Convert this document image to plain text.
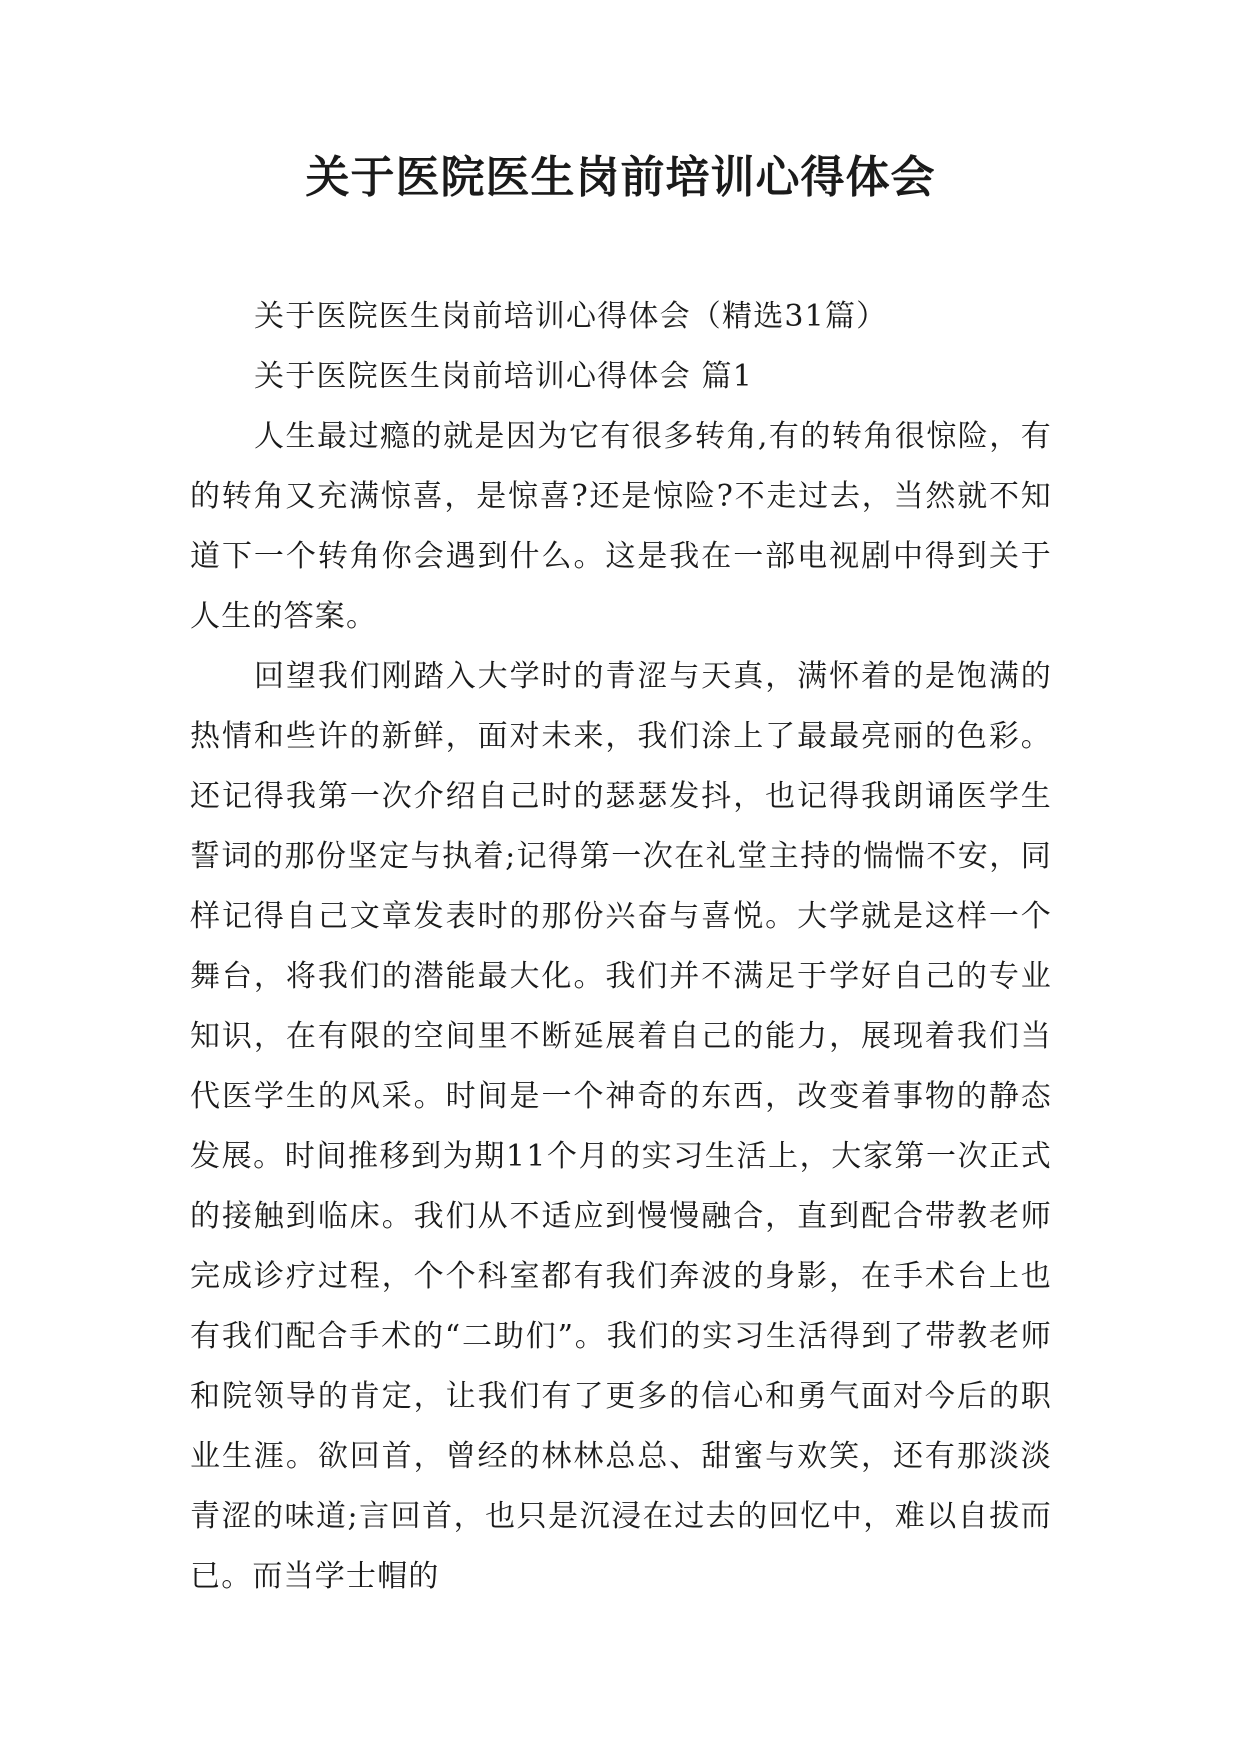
关于医院医生岗前培训心得体会

关于医院医生岗前培训心得体会（精选31篇）

关于医院医生岗前培训心得体会 篇1

人生最过瘾的就是因为它有很多转角,有的转角很惊险，有的转角又充满惊喜，是惊喜?还是惊险?不走过去，当然就不知道下一个转角你会遇到什么。这是我在一部电视剧中得到关于人生的答案。

回望我们刚踏入大学时的青涩与天真，满怀着的是饱满的热情和些许的新鲜，面对未来，我们涂上了最最亮丽的色彩。还记得我第一次介绍自己时的瑟瑟发抖，也记得我朗诵医学生誓词的那份坚定与执着;记得第一次在礼堂主持的惴惴不安，同样记得自己文章发表时的那份兴奋与喜悦。大学就是这样一个舞台，将我们的潜能最大化。我们并不满足于学好自己的专业知识，在有限的空间里不断延展着自己的能力，展现着我们当代医学生的风采。时间是一个神奇的东西，改变着事物的静态发展。时间推移到为期11个月的实习生活上，大家第一次正式的接触到临床。我们从不适应到慢慢融合，直到配合带教老师完成诊疗过程，个个科室都有我们奔波的身影，在手术台上也有我们配合手术的“二助们”。我们的实习生活得到了带教老师和院领导的肯定，让我们有了更多的信心和勇气面对今后的职业生涯。欲回首，曾经的林林总总、甜蜜与欢笑，还有那淡淡青涩的味道;言回首，也只是沉浸在过去的回忆中，难以自拔而已。而当学士帽的
